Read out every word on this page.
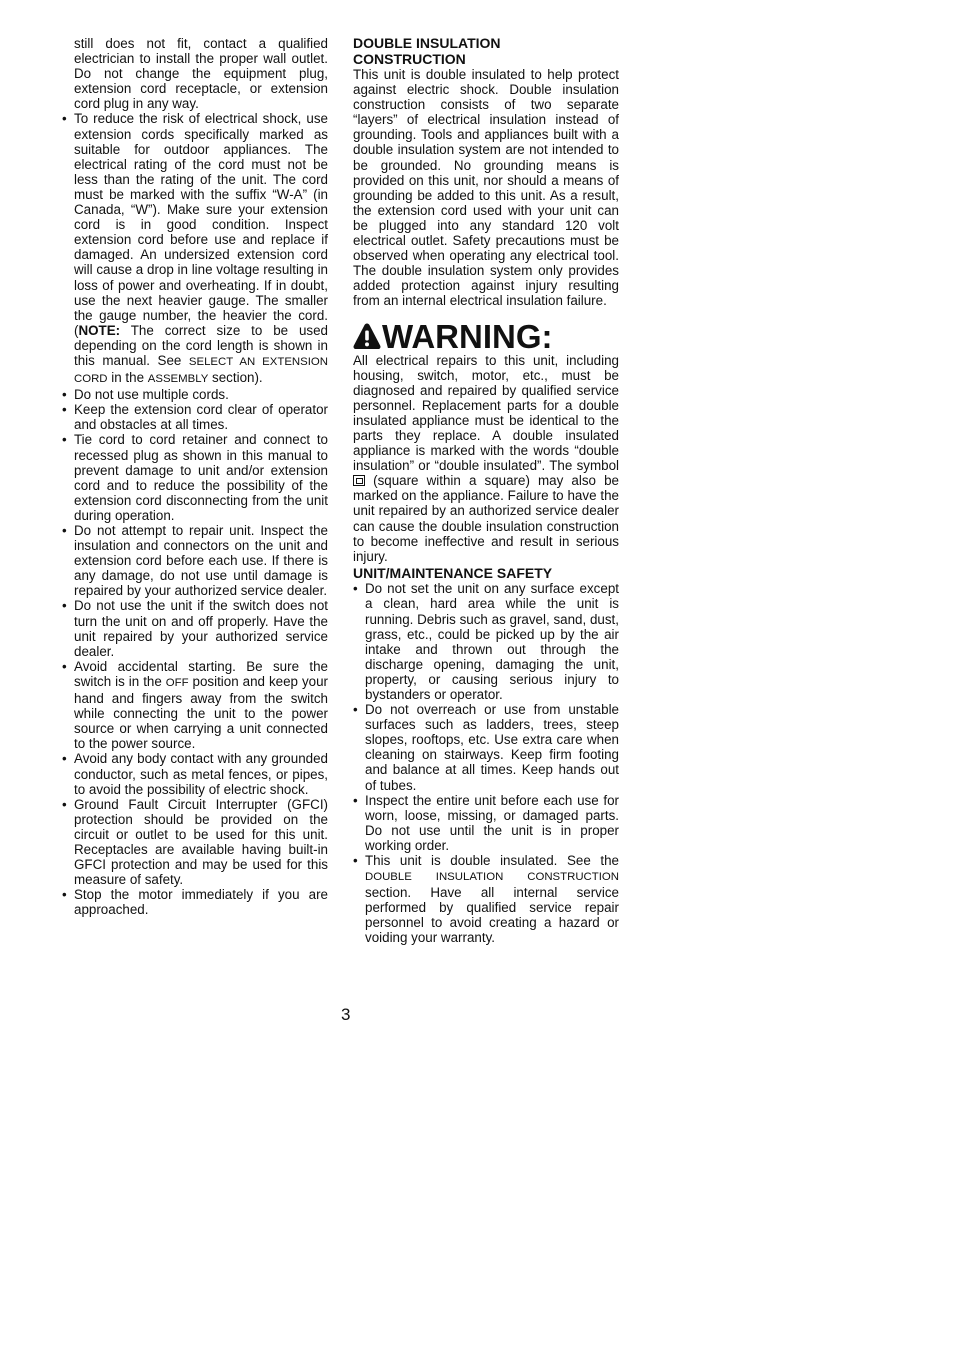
still does not fit, contact a qualified electrician to install the proper wall outlet. Do not change the equipment plug, extension cord receptacle, or extension cord plug in any way.

• To reduce the risk of electrical shock, use extension cords specifically marked as suitable for outdoor appliances. The electrical rating of the cord must not be less than the rating of the unit. The cord must be marked with the suffix “W-A” (in Canada, “W”). Make sure your extension cord is in good condition. Inspect extension cord before use and replace if damaged. An undersized extension cord will cause a drop in line voltage resulting in loss of power and overheating. If in doubt, use the next heavier gauge. The smaller the gauge number, the heavier the cord. (NOTE: The correct size to be used depending on the cord length is shown in this manual. See SELECT AN EXTENSION CORD in the ASSEMBLY section).
• Do not use multiple cords.
• Keep the extension cord clear of operator and obstacles at all times.
• Tie cord to cord retainer and connect to recessed plug as shown in this manual to prevent damage to unit and/or extension cord and to reduce the possibility of the extension cord disconnecting from the unit during operation.
• Do not attempt to repair unit. Inspect the insulation and connectors on the unit and extension cord before each use. If there is any damage, do not use until damage is repaired by your authorized service dealer.
• Do not use the unit if the switch does not turn the unit on and off properly. Have the unit repaired by your authorized service dealer.
• Avoid accidental starting. Be sure the switch is in the OFF position and keep your hand and fingers away from the switch while connecting the unit to the power source or when carrying a unit connected to the power source.
• Avoid any body contact with any grounded conductor, such as metal fences, or pipes, to avoid the possibility of electric shock.
• Ground Fault Circuit Interrupter (GFCI) protection should be provided on the circuit or outlet to be used for this unit. Receptacles are available having built-in GFCI protection and may be used for this measure of safety.
• Stop the motor immediately if you are approached.
DOUBLE INSULATION
CONSTRUCTION

This unit is double insulated to help protect against electric shock. Double insulation construction consists of two separate “layers” of electrical insulation instead of grounding. Tools and appliances built with a double insulation system are not intended to be grounded. No grounding means is provided on this unit, nor should a means of grounding be added to this unit. As a result, the extension cord used with your unit can be plugged into any standard 120 volt electrical outlet. Safety precautions must be observed when operating any electrical tool. The double insulation system only provides added protection against injury resulting from an internal electrical insulation failure.

WARNING:

All electrical repairs to this unit, including housing, switch, motor, etc., must be diagnosed and repaired by qualified service personnel. Replacement parts for a double insulated appliance must be identical to the parts they replace. A double insulated appliance is marked with the words “double insulation” or “double insulated”. The symbol  (square within a square) may also be marked on the appliance. Failure to have the unit repaired by an authorized service dealer can cause the double insulation construction to become ineffective and result in serious injury.

UNIT/MAINTENANCE SAFETY
• Do not set the unit on any surface except a clean, hard area while the unit is running. Debris such as gravel, sand, dust, grass, etc., could be picked up by the air intake and thrown out through the discharge opening, damaging the unit, property, or causing serious injury to bystanders or operator.
• Do not overreach or use from unstable surfaces such as ladders, trees, steep slopes, rooftops, etc. Use extra care when cleaning on stairways. Keep firm footing and balance at all times. Keep hands out of tubes.
• Inspect the entire unit before each use for worn, loose, missing, or damaged parts. Do not use until the unit is in proper working order.
• This unit is double insulated. See the DOUBLE INSULATION CONSTRUCTION section. Have all internal service performed by qualified service repair personnel to avoid creating a hazard or voiding your warranty.
3
